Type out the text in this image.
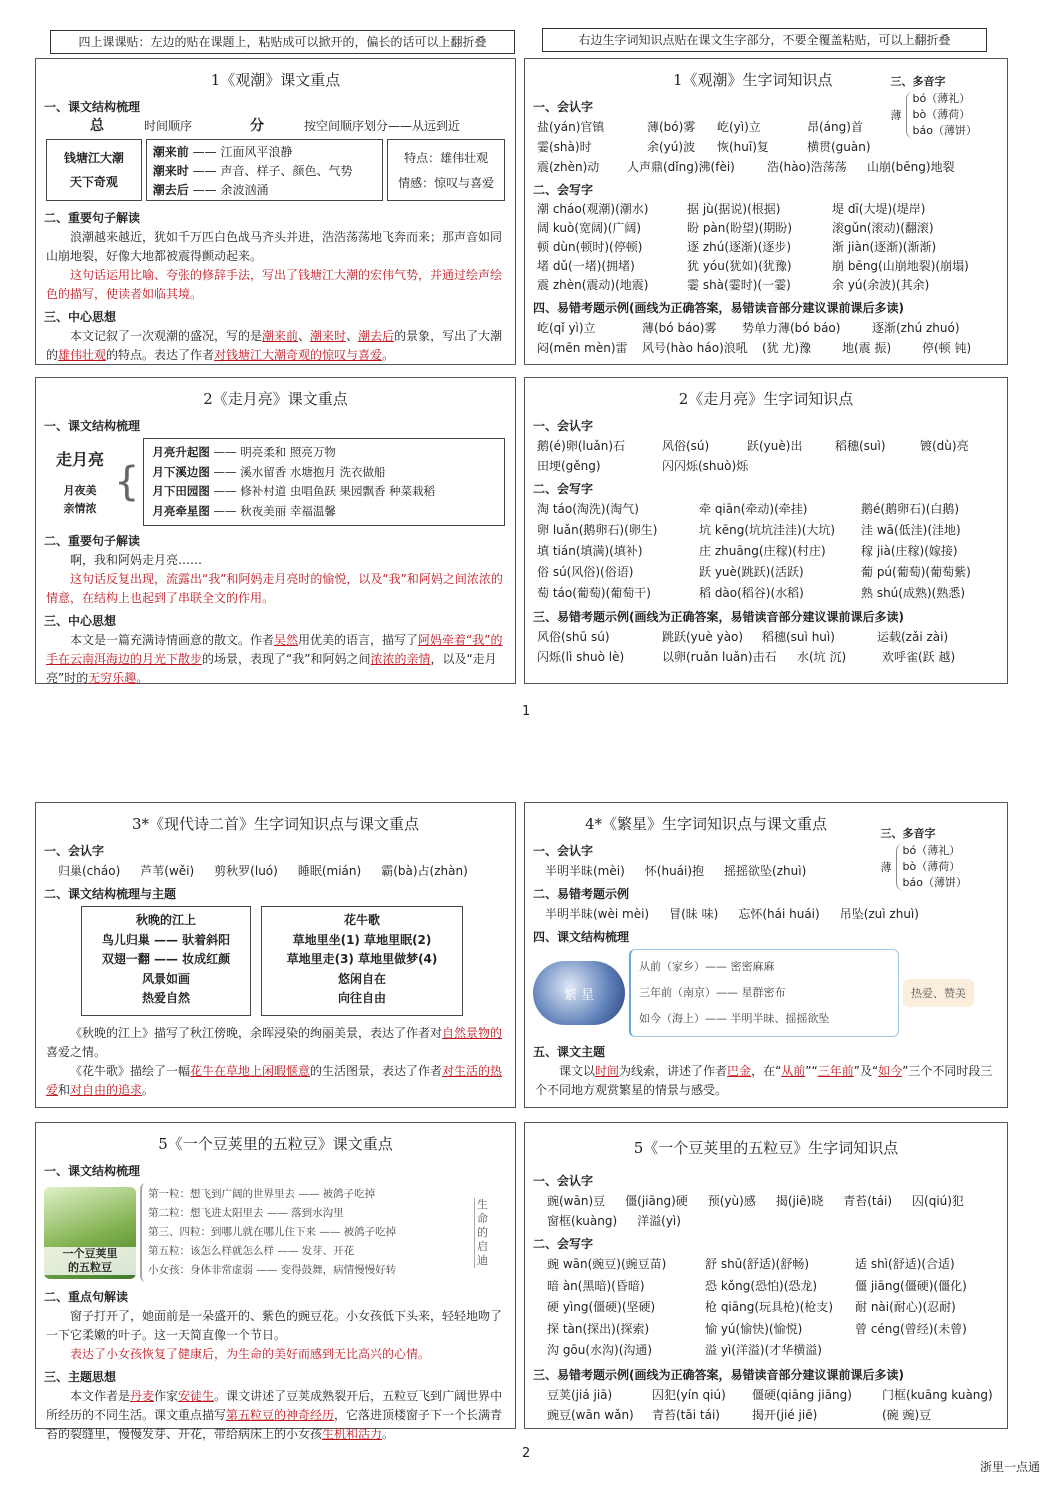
四上课课贴：左边的贴在课题上，粘贴成可以掀开的，偏长的话可以上翻折叠	右边生字词知识点贴在课文生字部分，不要全覆盖粘贴，可以上翻折叠
1《观潮》课文重点
一、课文结构梳理
总	时间顺序	分	按空间顺序划分——从远到近
钱塘江大潮
天下奇观
潮来前 —— 江面风平浪静
潮来时 —— 声音、样子、颜色、气势
潮去后 —— 余波汹涌
特点：雄伟壮观
情感：惊叹与喜爱
二、重要句子解读
浪潮越来越近，犹如千万匹白色战马齐头并进，浩浩荡荡地飞奔而来；那声音如同山崩地裂，好像大地都被震得颤动起来。
这句话运用比喻、夸张的修辞手法，写出了钱塘江大潮的宏伟气势，并通过绘声绘色的描写，使读者如临其境。
三、中心思想
本文记叙了一次观潮的盛况，写的是潮来前、潮来时、潮去后的景象，写出了大潮的雄伟壮观的特点。表达了作者对钱塘江大潮奇观的惊叹与喜爱。
1《观潮》生字词知识点	三、多音字
薄
bó（薄礼）
bò（薄荷）
báo（薄饼）
一、会认字
盐(yán)官镇	薄(bó)雾	屹(yì)立	昂(áng)首
霎(shà)时	余(yú)波	恢(huī)复	横贯(guàn)
震(zhèn)动	人声鼎(dǐng)沸(fèi)	浩(hào)浩荡荡	山崩(bēng)地裂
二、会写字
潮 cháo(观潮)(潮水)	据 jù(据说)(根据)	堤 dī(大堤)(堤岸)
阔 kuò(宽阔)(广阔)	盼 pàn(盼望)(期盼)	滚gǔn(滚动)(翻滚)
顿 dùn(顿时)(停顿)	逐 zhú(逐渐)(逐步)	渐 jiàn(逐渐)(渐渐)
堵 dǔ(一堵)(拥堵)	犹 yóu(犹如)(犹豫)	崩 bēng(山崩地裂)(崩塌)
震 zhèn(震动)(地震)	霎 shà(霎时)(一霎)	余 yú(余波)(其余)
四、易错考题示例(画线为正确答案，易错读音部分建议课前课后多读)
屹(qǐ yì)立	薄(bó báo)雾	势单力薄(bó báo)	逐渐(zhú zhuó)
闷(mēn mèn)雷	风号(hào háo)浪吼	(犹 尤)豫	地(震 振)	停(顿 钝)
2《走月亮》课文重点
一、课文结构梳理
走月亮
月夜美
亲情浓
{
月亮升起图 —— 明亮柔和 照亮万物
月下溪边图 —— 溪水留香 水塘抱月 洗衣做船
月下田园图 —— 修补村道 虫唱鱼跃 果园飘香 种菜栽稻
月亮牵星图 —— 秋夜美丽 幸福温馨
二、重要句子解读
啊，我和阿妈走月亮……
这句话反复出现，流露出“我”和阿妈走月亮时的愉悦，以及“我”和阿妈之间浓浓的情意，在结构上也起到了串联全文的作用。
三、中心思想
本文是一篇充满诗情画意的散文。作者吴然用优美的语言，描写了阿妈牵着“我”的手在云南洱海边的月光下散步的场景，表现了“我”和阿妈之间浓浓的亲情，以及“走月亮”时的无穷乐趣。
2《走月亮》生字词知识点
一、会认字
鹅(é)卵(luǎn)石	风俗(sú)	跃(yuè)出	稻穗(suì)	镀(dù)亮
田埂(gěng)	闪闪烁(shuò)烁
二、会写字
淘 táo(淘洗)(淘气)	牵 qiān(牵动)(牵挂)	鹅é(鹅卵石)(白鹅)
卵 luǎn(鹅卵石)(卵生)	坑 kēng(坑坑洼洼)(大坑)	洼 wā(低洼)(洼地)
填 tián(填满)(填补)	庄 zhuāng(庄稼)(村庄)	稼 jià(庄稼)(嫁接)
俗 sú(风俗)(俗语)	跃 yuè(跳跃)(活跃)	葡 pú(葡萄)(葡萄紫)
萄 táo(葡萄)(葡萄干)	稻 dào(稻谷)(水稻)	熟 shú(成熟)(熟悉)
三、易错考题示例(画线为正确答案，易错读音部分建议课前课后多读)
风俗(shū sú)	跳跃(yuè yào)	稻穗(suì huì)	运载(zǎi zài)
闪烁(lì shuò lè)	以卵(ruǎn luǎn)击石	水(坑 沉)	欢呼雀(跃 越)
1
3*《现代诗二首》生字词知识点与课文重点
一、会认字
归巢(cháo) 芦苇(wěi) 剪秋罗(luó) 睡眠(mián) 霸(bà)占(zhàn)
二、课文结构梳理与主题
秋晚的江上
鸟儿归巢 —— 驮着斜阳
双翅一翻 —— 妆成红颜
风景如画
热爱自然
花牛歌
草地里坐(1) 草地里眠(2)
草地里走(3) 草地里做梦(4)
悠闲自在
向往自由
《秋晚的江上》描写了秋江傍晚，余晖浸染的绚丽美景，表达了作者对自然景物的喜爱之情。
《花牛歌》描绘了一幅花牛在草地上闲暇惬意的生活图景，表达了作者对生活的热爱和对自由的追求。
4*《繁星》生字词知识点与课文重点
三、多音字
薄
bó（薄礼）
bò（薄荷）
báo（薄饼）
一、会认字
半明半昧(mèi) 怀(huái)抱 摇摇欲坠(zhuì)
二、易错考题示例
半明半昧(wèi mèi) 冒(昧 味) 忘怀(hái huái) 吊坠(zuì zhuì)
四、课文结构梳理
繁 星
从前（家乡）—— 密密麻麻
三年前（南京）—— 星群密布
如今（海上）—— 半明半昧、摇摇欲坠
热爱、赞美
五、课文主题
课文以时间为线索，讲述了作者巴金，在“从前”“三年前”及“如今”三个不同时段三个不同地方观赏繁星的情景与感受。
5《一个豆荚里的五粒豆》课文重点
一、课文结构梳理
一个豆荚里
的五粒豆
第一粒：想飞到广阔的世界里去 —— 被鸽子吃掉
第二粒：想飞进太阳里去 —— 落到水沟里
第三、四粒：到哪儿就在哪儿住下来 —— 被鸽子吃掉
第五粒：该怎么样就怎么样 —— 发芽、开花
小女孩：身体非常虚弱 —— 变得鼓舞，病情慢慢好转
生命的启迪
二、重点句解读
窗子打开了，她面前是一朵盛开的、紫色的豌豆花。小女孩低下头来，轻轻地吻了一下它柔嫩的叶子。这一天简直像一个节日。
表达了小女孩恢复了健康后，为生命的美好而感到无比高兴的心情。
三、主题思想
本文作者是丹麦作家安徒生。课文讲述了豆荚成熟裂开后，五粒豆飞到广阔世界中所经历的不同生活。课文重点描写第五粒豆的神奇经历，它落进顶楼窗子下一个长满青苔的裂缝里，慢慢发芽、开花，带给病床上的小女孩生机和活力。
5《一个豆荚里的五粒豆》生字词知识点
一、会认字
豌(wān)豆 僵(jiāng)硬 预(yù)感 揭(jiē)晓 青苔(tái) 囚(qiú)犯
窗框(kuàng) 洋溢(yì)
二、会写字
豌 wān(豌豆)(豌豆苗)	舒 shū(舒适)(舒畅)	适 shì(舒适)(合适)
暗 àn(黑暗)(昏暗)	恐 kǒng(恐怕)(恐龙)	僵 jiāng(僵硬)(僵化)
硬 yìng(僵硬)(坚硬)	枪 qiāng(玩具枪)(枪支)	耐 nài(耐心)(忍耐)
探 tàn(探出)(探索)	愉 yú(愉快)(愉悦)	曾 céng(曾经)(未曾)
沟 gōu(水沟)(沟通)	溢 yì(洋溢)(才华横溢)
三、易错考题示例(画线为正确答案，易错读音部分建议课前课后多读)
豆荚(jiá jiā)	囚犯(yín qiú)	僵硬(qiāng jiāng)	门框(kuāng kuàng)
豌豆(wān wǎn)	青苔(tāi tái)	揭开(jié jiē)	(碗 豌)豆
2
浙里一点通
